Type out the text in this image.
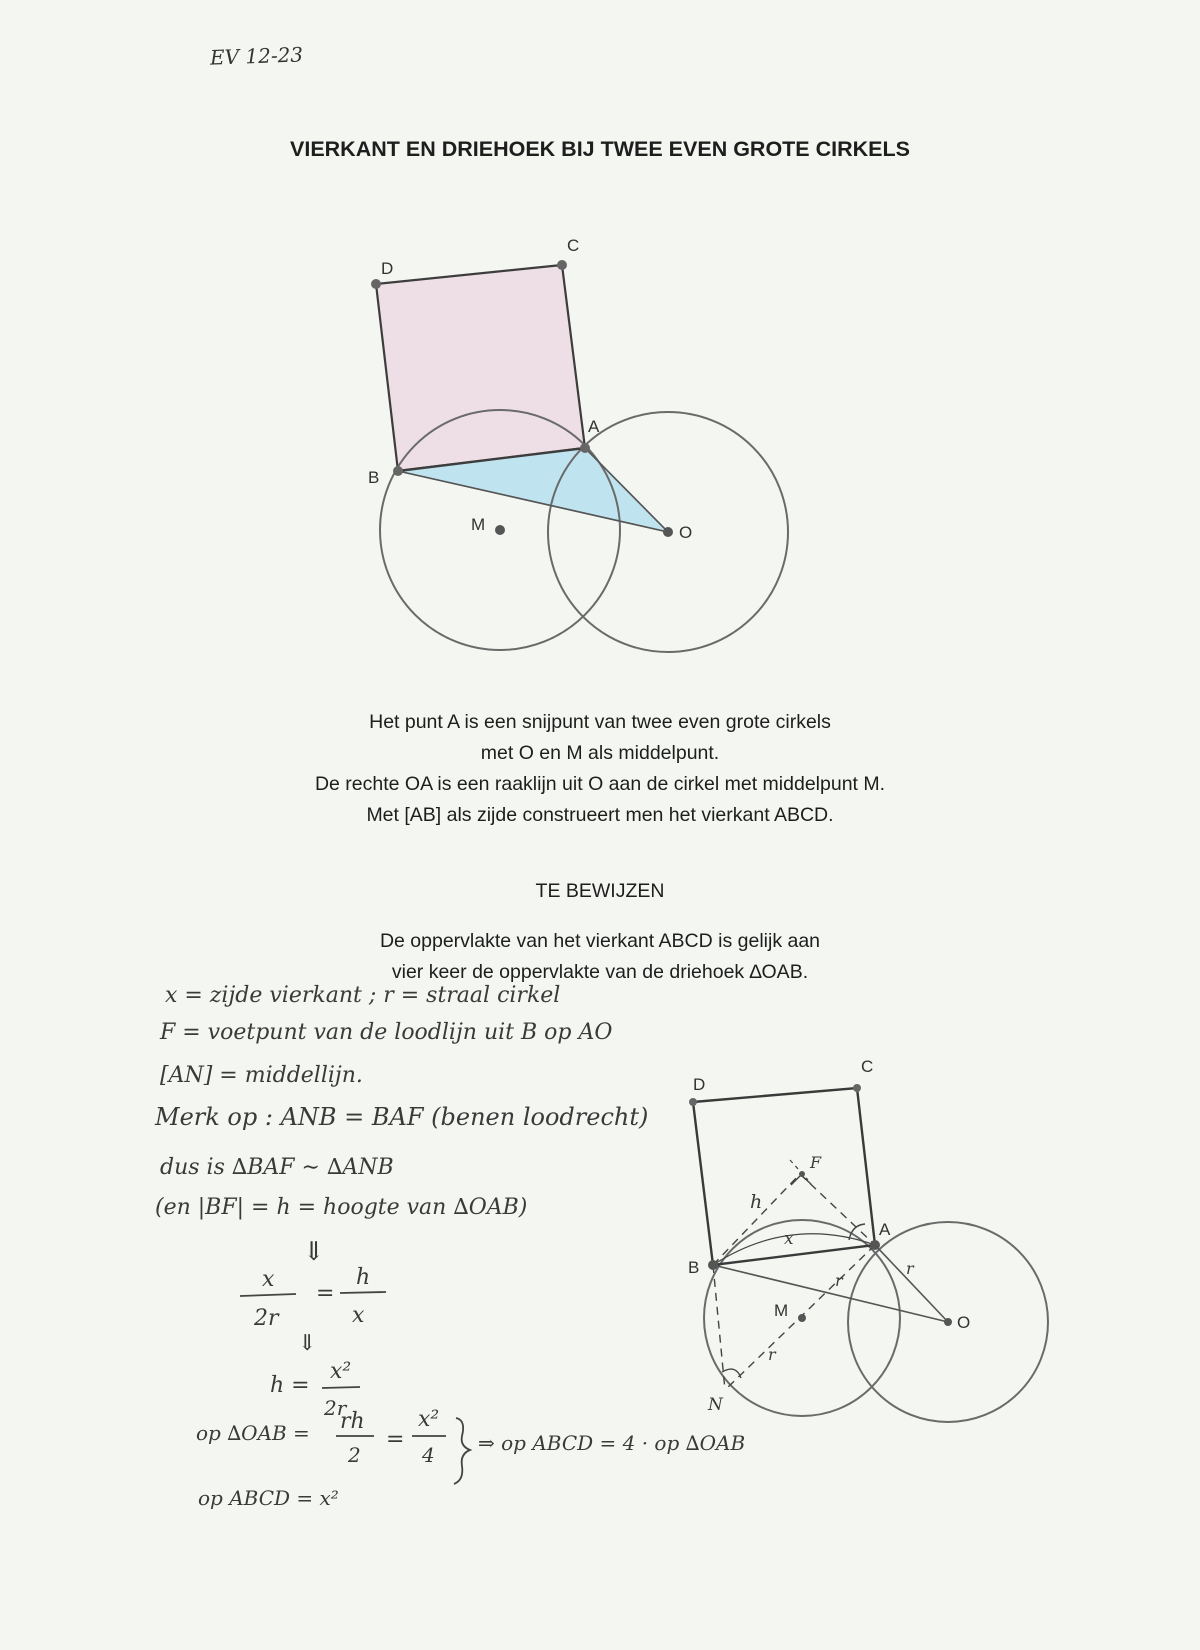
EV 12-23
VIERKANT EN DRIEHOEK BIJ TWEE EVEN GROTE CIRKELS
D
C
A
B
M	O
Het punt A is een snijpunt van twee even grote cirkels
met O en M als middelpunt.
De rechte OA is een raaklijn uit O aan de cirkel met middelpunt M.
Met [AB] als zijde construeert men het vierkant ABCD.
TE BEWIJZEN
De oppervlakte van het vierkant ABCD is gelijk aan
vier keer de oppervlakte van de driehoek ∆OAB.
x = zijde vierkant ; r = straal cirkel
F = voetpunt van de loodlijn uit B op AO
[AN] = middellijn.
Merk op : ANB = BAF (benen loodrecht)
dus is ∆BAF ∼ ∆ANB
(en |BF| = h = hoogte van ∆OAB)
⇓
x
2r
=
h
x
⇓
h =
x²
2r
op ∆OAB = rh
2
=
x²
4 ⇒ op ABCD = 4 · op ∆OAB
op ABCD = x²
D
C
A
B
M
O
F
N
h
x
r
r
r
